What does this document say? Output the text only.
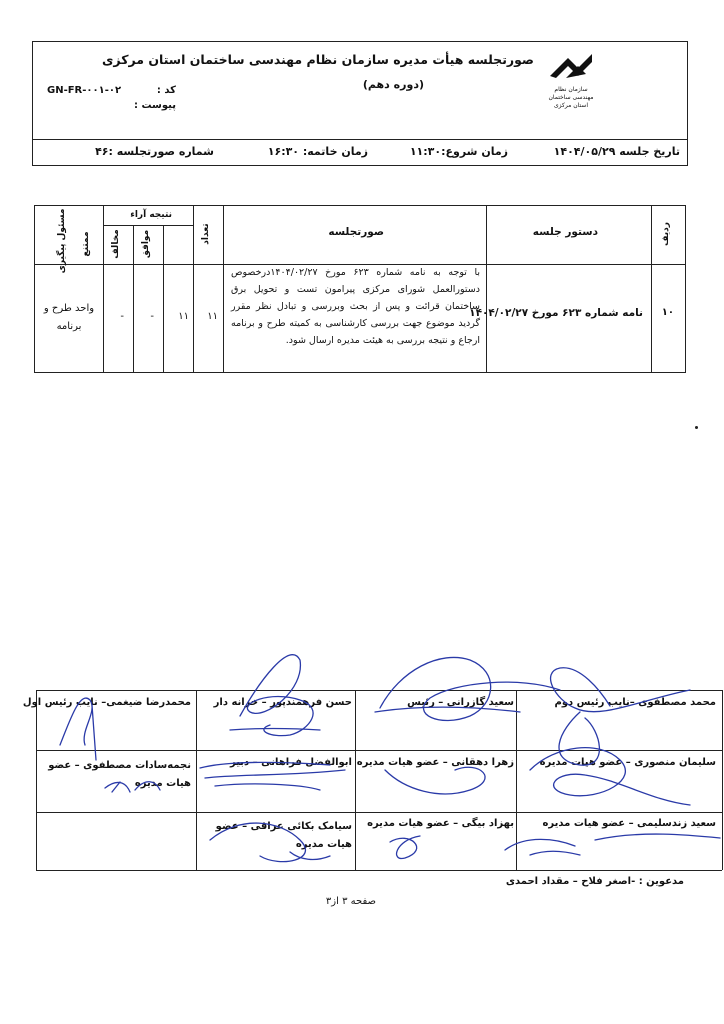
سازمان نظام مهندسی ساختمان استان مرکزی
صورتجلسه هیأت مدیره سازمان نظام مهندسی ساختمان استان مرکزی
(دوره دهم)
کد :
GN-FR-۰۰۱-۰۲
پیوست :
تاریخ جلسه ۱۴۰۴/۰۵/۲۹
زمان شروع:۱۱:۳۰
زمان خاتمه: ۱۶:۳۰
شماره صورتجلسه :۴۶
ردیف
دستور جلسه
صورتجلسه
تعداد
نتیجه آراء
موافق
مخالف
ممتنع
مسئول پیگیری
۱۰
نامه شماره ۶۲۳ مورخ ۱۴۰۴/۰۲/۲۷
با توجه به نامه شماره ۶۲۳ مورخ ۱۴۰۴/۰۲/۲۷درخصوص دستورالعمل شورای مرکزی پیرامون تست و تحویل برق ساختمان قرائت و پس از بحث وبررسی و تبادل نظر مقرر گردید موضوع جهت بررسی کارشناسی به کمیته طرح و برنامه ارجاع و نتیجه بررسی به هیئت مدیره ارسال شود.
۱۱
۱۱
-
-
واحد طرح و برنامه
محمد مصطفوی –نایب رئیس دوم
سعید گازرانی – رئیس
حسن فرهمندپور – خزانه دار
محمدرضا ضیغمی– نایب رئیس اول
سلیمان منصوری – عضو هیات مدیره
زهرا دهقانی – عضو هیات مدیره
ابوالفضل فراهانی – دبیر
نجمه‌سادات مصطفوی – عضو هیات مدیره
سعید زندسلیمی – عضو هیات مدیره
بهزاد بیگی – عضو هیات مدیره
سیامک بکائی عراقی – عضو هیات مدیره
مدعوین : -اصغر فلاح – مقداد احمدی
صفحه ۳ از۳
